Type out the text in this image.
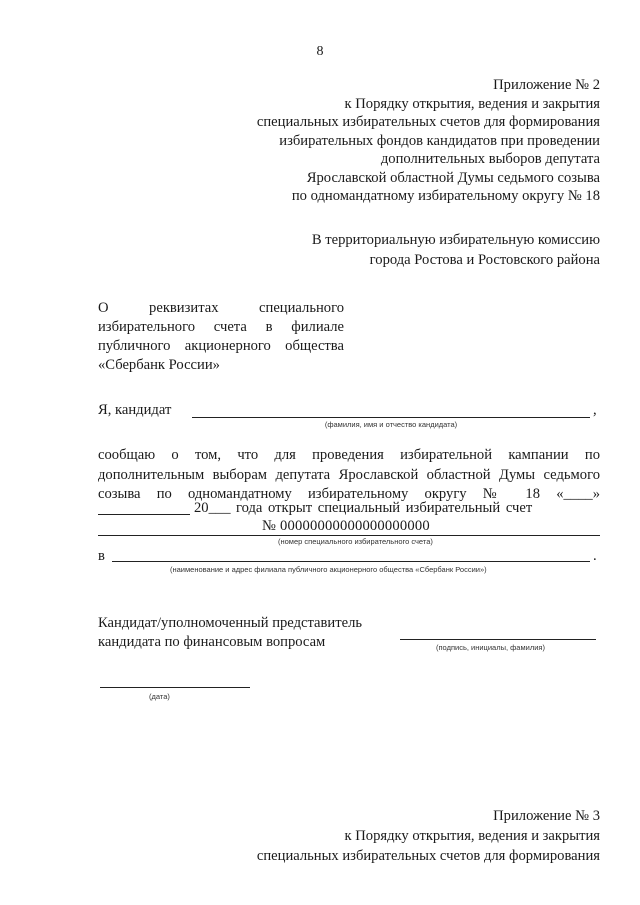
8
Приложение № 2
к Порядку открытия, ведения и закрытия
специальных избирательных счетов для формирования
избирательных фондов кандидатов при проведении
дополнительных выборов депутата
Ярославской областной Думы седьмого созыва
по одномандатному избирательному округу № 18
В территориальную избирательную комиссию
города Ростова и Ростовского района
О реквизитах специального
избирательного счета в филиале
публичного акционерного общества
«Сбербанк России»
Я, кандидат	,
(фамилия, имя и отчество кандидата)
сообщаю о том, что для проведения избирательной кампании по
дополнительным выборам депутата Ярославской областной Думы седьмого
созыва по одномандатному избирательному округу № 18 «____»
20___ года открыт специальный избирательный счет
№ 00000000000000000000
(номер специального избирательного счета)
в	.
(наименование и адрес филиала публичного акционерного общества «Сбербанк России»)
Кандидат/уполномоченный представитель
кандидата по финансовым вопросам	(подпись, инициалы, фамилия)
(дата)
Приложение № 3
к Порядку открытия, ведения и закрытия
специальных избирательных счетов для формирования
